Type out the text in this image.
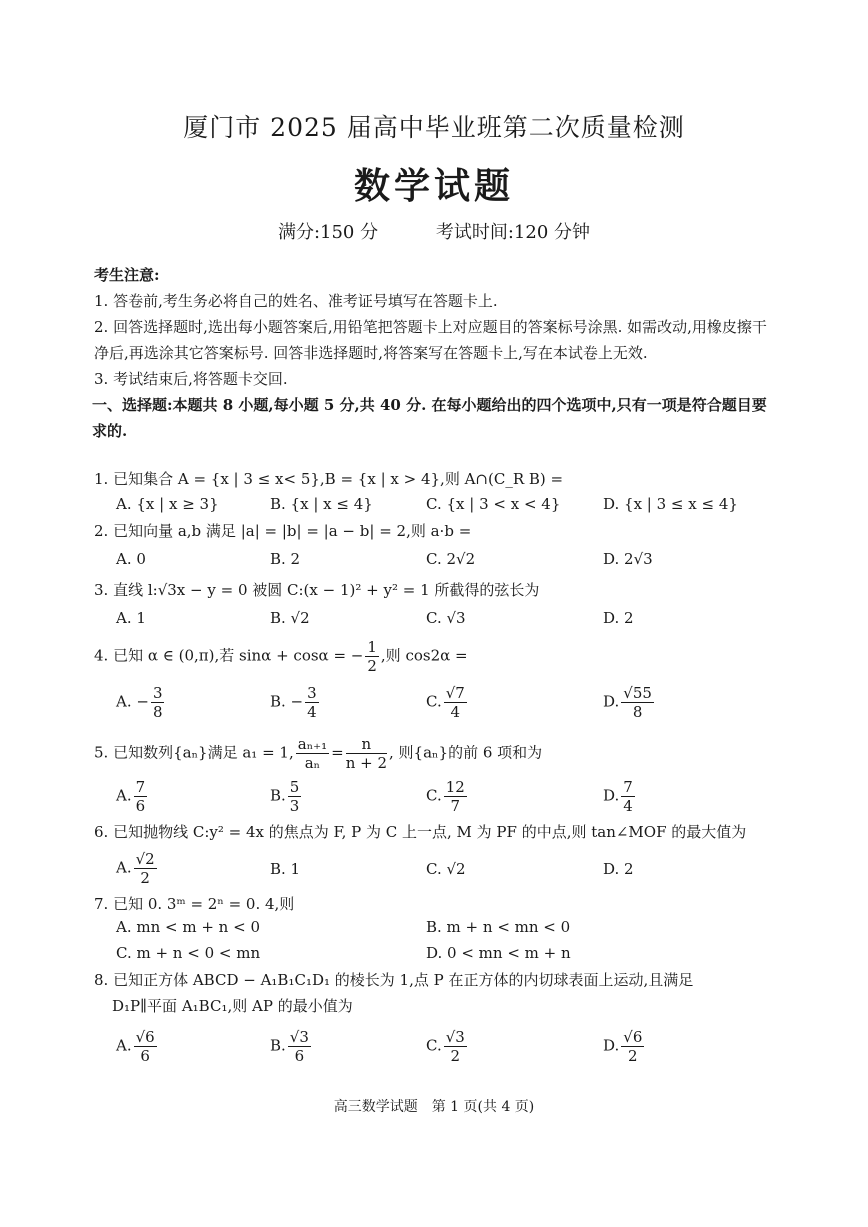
厦门市 2025 届高中毕业班第二次质量检测
数学试题
满分:150 分	考试时间:120 分钟
考生注意:
1. 答卷前,考生务必将自己的姓名、准考证号填写在答题卡上.
2. 回答选择题时,选出每小题答案后,用铅笔把答题卡上对应题目的答案标号涂黑. 如需改动,用橡皮擦干净后,再选涂其它答案标号. 回答非选择题时,将答案写在答题卡上,写在本试卷上无效.
3. 考试结束后,将答题卡交回.
一、选择题:本题共 8 小题,每小题 5 分,共 40 分. 在每小题给出的四个选项中,只有一项是符合题目要求的.
1. 已知集合 A = {x | 3 ≤ x< 5},B = {x | x > 4},则 A∩(C_R B) =
A. {x | x ≥ 3}	B. {x | x ≤ 4}	C. {x | 3 < x < 4}	D. {x | 3 ≤ x ≤ 4}
2. 已知向量 a,b 满足 |a| = |b| = |a − b| = 2,则 a·b =
A. 0	B. 2	C. 2√2	D. 2√3
3. 直线 l:√3x − y = 0 被圆 C:(x − 1)² + y² = 1 所截得的弦长为
A. 1	B. √2	C. √3	D. 2
4. 已知 α ∈ (0,π),若 sinα + cosα = − $\frac{1}{2}$ ,则 cos2α =
A. − $\frac{3}{8}$	B. − $\frac{3}{4}$	C. $\frac{√7}{4}$	D. $\frac{√55}{8}$
5. 已知数列{aₙ}满足 a₁ = 1, $\frac{\text{aₙ₊₁}}{\text{aₙ}} = \frac{n}{n + 2}$ , 则{aₙ}的前 6 项和为
A. $\frac{7}{6}$	B. $\frac{5}{3}$	C. $\frac{12}{7}$	D. $\frac{7}{4}$
6. 已知抛物线 C:y² = 4x 的焦点为 F, P 为 C 上一点, M 为 PF 的中点,则 tan∠MOF 的最大值为
A. $\frac{√2}{2}$	B. 1	C. √2	D. 2
7. 已知 0. 3ᵐ = 2ⁿ = 0. 4,则
A. mn < m + n < 0	B. m + n < mn < 0
C. m + n < 0 < mn	D. 0 < mn < m + n
8. 已知正方体 ABCD − A₁B₁C₁D₁ 的棱长为 1,点 P 在正方体的内切球表面上运动,且满足
D₁P∥平面 A₁BC₁,则 AP 的最小值为
A. $\frac{√6}{6}$	B. $\frac{√3}{6}$	C. $\frac{√3}{2}$	D. $\frac{√6}{2}$
高三数学试题　第 1 页(共 4 页)
